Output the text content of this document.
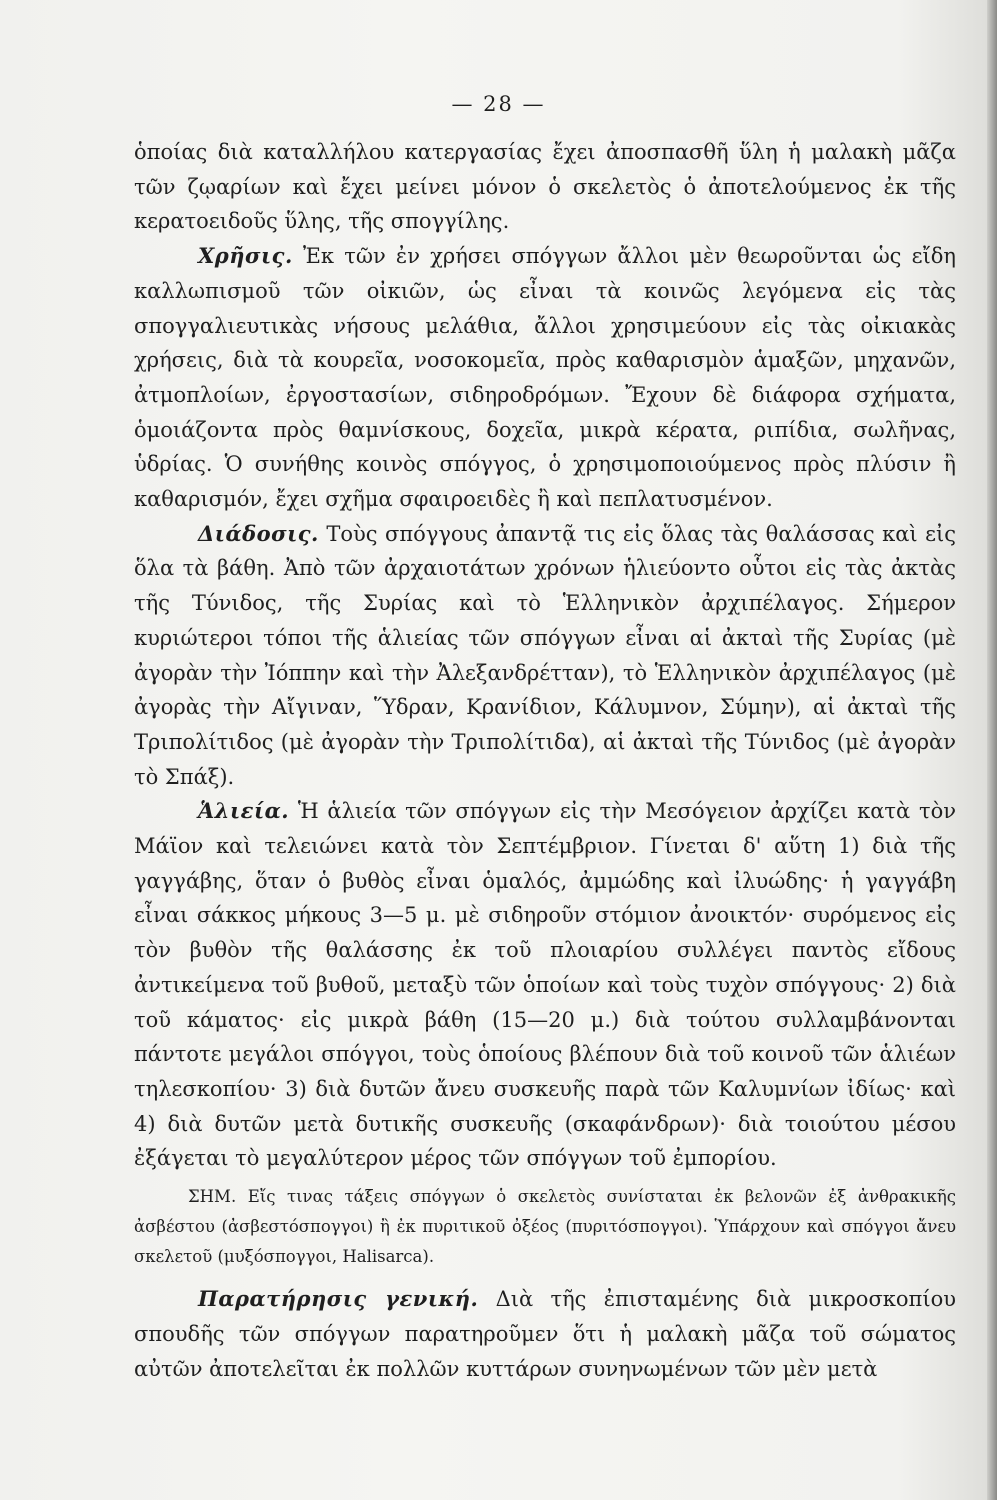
— 28 —

ὁποίας διὰ καταλλήλου κατεργασίας ἔχει ἀποσπασθῆ ὕλη ἡ μαλακὴ μᾶζα τῶν ζῳαρίων καὶ ἔχει μείνει μόνον ὁ σκελετὸς ὁ ἀποτελούμενος ἐκ τῆς κερατοειδοῦς ὕλης, τῆς σπογγίλης.

Χρῆσις. Ἐκ τῶν ἐν χρήσει σπόγγων ἄλλοι μὲν θεωροῦνται ὡς εἴδη καλλωπισμοῦ τῶν οἰκιῶν, ὡς εἶναι τὰ κοινῶς λεγόμενα εἰς τὰς σπογγαλιευτικὰς νήσους μελάθια, ἄλλοι χρησιμεύουν εἰς τὰς οἰκιακὰς χρήσεις, διὰ τὰ κουρεῖα, νοσοκομεῖα, πρὸς καθαρισμὸν ἁμαξῶν, μηχανῶν, ἀτμοπλοίων, ἐργοστασίων, σιδηροδρόμων. Ἔχουν δὲ διάφορα σχήματα, ὁμοιάζοντα πρὸς θαμνίσκους, δοχεῖα, μικρὰ κέρατα, ριπίδια, σωλῆνας, ὑδρίας. Ὁ συνήθης κοινὸς σπόγγος, ὁ χρησιμοποιούμενος πρὸς πλύσιν ἢ καθαρισμόν, ἔχει σχῆμα σφαιροειδὲς ἢ καὶ πεπλατυσμένον.

Διάδοσις. Τοὺς σπόγγους ἀπαντᾷ τις εἰς ὅλας τὰς θαλάσσας καὶ εἰς ὅλα τὰ βάθη. Ἀπὸ τῶν ἀρχαιοτάτων χρόνων ἡλιεύοντο οὗτοι εἰς τὰς ἀκτὰς τῆς Τύνιδος, τῆς Συρίας καὶ τὸ Ἑλληνικὸν ἀρχιπέλαγος. Σήμερον κυριώτεροι τόποι τῆς ἁλιείας τῶν σπόγγων εἶναι αἱ ἀκταὶ τῆς Συρίας (μὲ ἀγορὰν τὴν Ἰόππην καὶ τὴν Ἀλεξανδρέτταν), τὸ Ἑλληνικὸν ἀρχιπέλαγος (μὲ ἀγορὰς τὴν Αἴγιναν, Ὕδραν, Κρανίδιον, Κάλυμνον, Σύμην), αἱ ἀκταὶ τῆς Τριπολίτιδος (μὲ ἀγορὰν τὴν Τριπολίτιδα), αἱ ἀκταὶ τῆς Τύνιδος (μὲ ἀγορὰν τὸ Σπάξ).

Ἁλιεία. Ἡ ἁλιεία τῶν σπόγγων εἰς τὴν Μεσόγειον ἀρχίζει κατὰ τὸν Μάϊον καὶ τελειώνει κατὰ τὸν Σεπτέμβριον. Γίνεται δ' αὕτη 1) διὰ τῆς γαγγάβης, ὅταν ὁ βυθὸς εἶναι ὁμαλός, ἀμμώδης καὶ ἰλυώδης· ἡ γαγγάβη εἶναι σάκκος μήκους 3—5 μ. μὲ σιδηροῦν στόμιον ἀνοικτόν· συρόμενος εἰς τὸν βυθὸν τῆς θαλάσσης ἐκ τοῦ πλοιαρίου συλλέγει παντὸς εἴδους ἀντικείμενα τοῦ βυθοῦ, μεταξὺ τῶν ὁποίων καὶ τοὺς τυχὸν σπόγγους· 2) διὰ τοῦ κάματος· εἰς μικρὰ βάθη (15—20 μ.) διὰ τούτου συλλαμβάνονται πάντοτε μεγάλοι σπόγγοι, τοὺς ὁποίους βλέπουν διὰ τοῦ κοινοῦ τῶν ἁλιέων τηλεσκοπίου· 3) διὰ δυτῶν ἄνευ συσκευῆς παρὰ τῶν Καλυμνίων ἰδίως· καὶ 4) διὰ δυτῶν μετὰ δυτικῆς συσκευῆς (σκαφάνδρων)· διὰ τοιούτου μέσου ἐξάγεται τὸ μεγαλύτερον μέρος τῶν σπόγγων τοῦ ἐμπορίου.

ΣΗΜ. Εἴς τινας τάξεις σπόγγων ὁ σκελετὸς συνίσταται ἐκ βελονῶν ἐξ ἀνθρακικῆς ἀσβέστου (ἀσβεστόσπογγοι) ἢ ἐκ πυριτικοῦ ὀξέος (πυριτόσπογγοι). Ὑπάρχουν καὶ σπόγγοι ἄνευ σκελετοῦ (μυξόσπογγοι, Halisarca).

Παρατήρησις γενική. Διὰ τῆς ἐπισταμένης διὰ μικροσκοπίου σπουδῆς τῶν σπόγγων παρατηροῦμεν ὅτι ἡ μαλακὴ μᾶζα τοῦ σώματος αὐτῶν ἀποτελεῖται ἐκ πολλῶν κυττάρων συνηνωμένων τῶν μὲν μετὰ
